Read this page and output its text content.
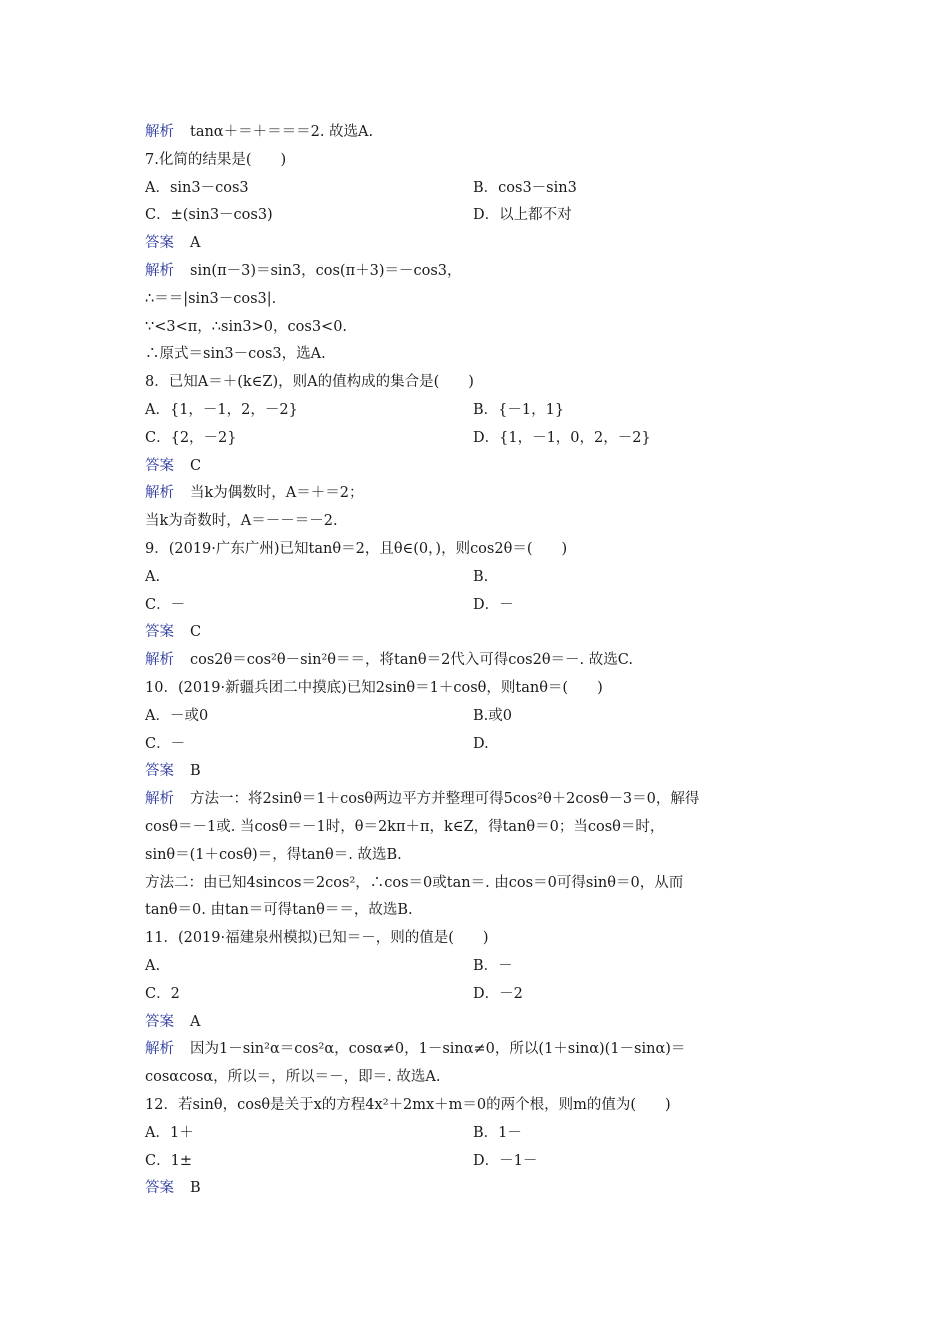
解析 tanα＋＝＋＝＝＝2. 故选A.
7.化简的结果是(　　)
A．sin3－cos3	B．cos3－sin3
C．±(sin3－cos3)	D．以上都不对
答案 A
解析 sin(π－3)＝sin3，cos(π＋3)＝－cos3，
∴＝＝|sin3－cos3|.
∵<3<π，∴sin3>0，cos3<0.
∴原式＝sin3－cos3，选A.
8．已知A＝＋(k∈Z)，则A的值构成的集合是(　　)
A．{1，－1，2，－2}	B．{－1，1}
C．{2，－2}	D．{1，－1，0，2，－2}
答案 C
解析 当k为偶数时，A＝＋＝2；
当k为奇数时，A＝－－＝－2.
9．(2019·广东广州)已知tanθ＝2，且θ∈(0，)，则cos2θ＝(　　)
A.	B.
C．－	D．－
答案 C
解析 cos2θ＝cos²θ－sin²θ＝＝，将tanθ＝2代入可得cos2θ＝－. 故选C.
10．(2019·新疆兵团二中摸底)已知2sinθ＝1＋cosθ，则tanθ＝(　　)
A．－或0	B.或0
C．－	D.
答案 B
解析 方法一：将2sinθ＝1＋cosθ两边平方并整理可得5cos²θ＋2cosθ－3＝0，解得
cosθ＝－1或. 当cosθ＝－1时，θ＝2kπ＋π，k∈Z，得tanθ＝0；当cosθ＝时，
sinθ＝(1＋cosθ)＝，得tanθ＝. 故选B.
方法二：由已知4sincos＝2cos²，∴cos＝0或tan＝. 由cos＝0可得sinθ＝0，从而
tanθ＝0. 由tan＝可得tanθ＝＝，故选B.
11．(2019·福建泉州模拟)已知＝－，则的值是(　　)
A.	B．－
C．2	D．－2
答案 A
解析 因为1－sin²α＝cos²α，cosα≠0，1－sinα≠0，所以(1＋sinα)(1－sinα)＝
cosαcosα，所以＝，所以＝－，即＝. 故选A.
12．若sinθ，cosθ是关于x的方程4x²＋2mx＋m＝0的两个根，则m的值为(　　)
A．1＋	B．1－
C．1±	D．－1－
答案 B
